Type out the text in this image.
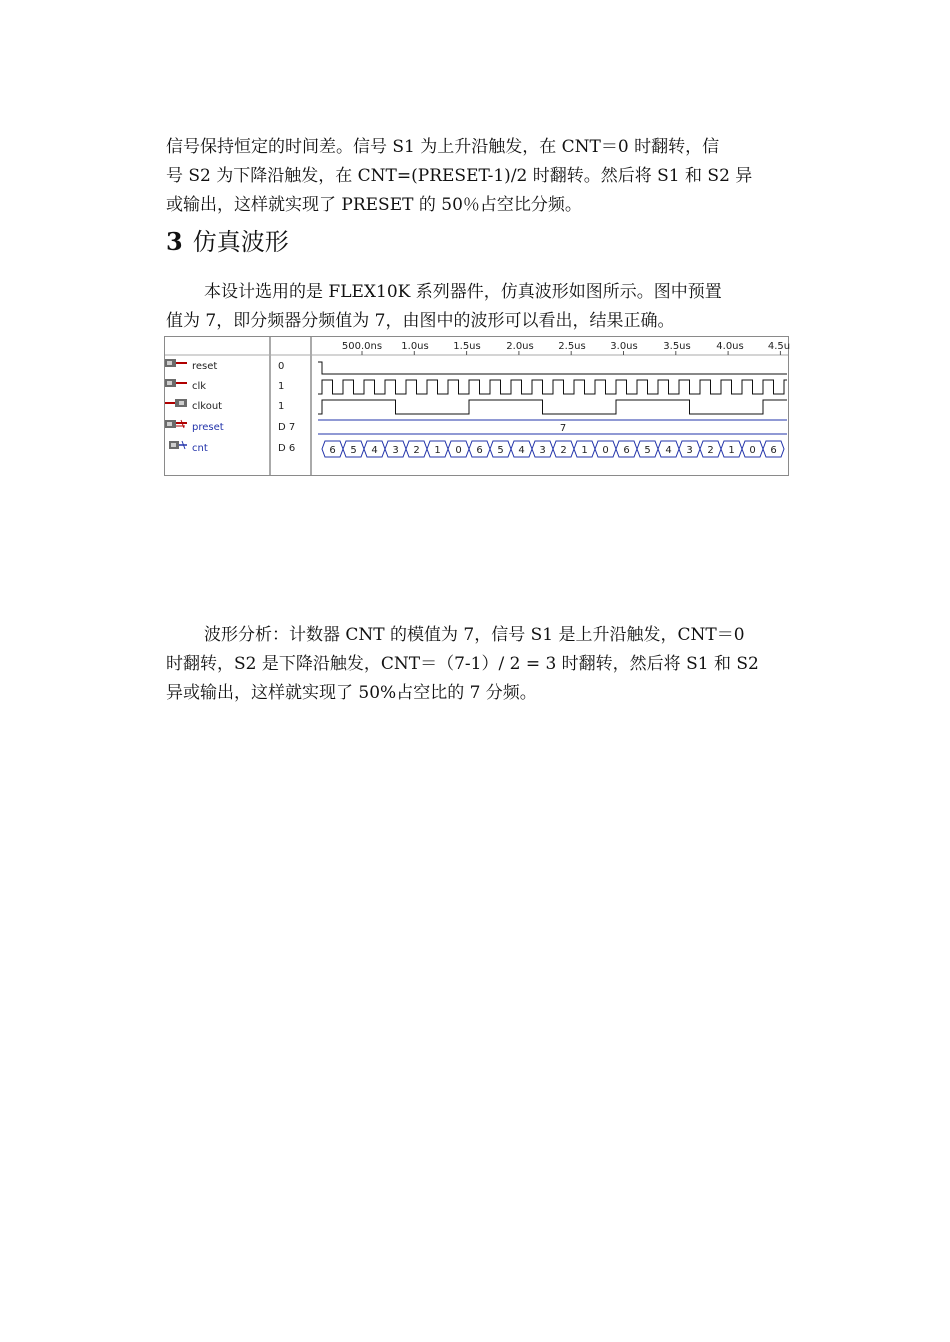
信号保持恒定的时间差。信号 S1 为上升沿触发，在 CNT＝0 时翻转，信
号 S2 为下降沿触发，在 CNT=(PRESET-1)/2 时翻转。然后将 S1 和 S2 异
或输出，这样就实现了 PRESET 的 50％占空比分频。
3 仿真波形
本设计选用的是 FLEX10K 系列器件，仿真波形如图所示。图中预置
值为 7，即分频器分频值为 7，由图中的波形可以看出，结果正确。
7
6 5 4 3 2 1 0 6 5 4 3 2 1 0 6 5 4 3 2 1 0 6
reset	0
clk	1
clkout	1
preset	D 7
cnt	D 6
500.0ns 1.0us 1.5us	2.0us 2.5us 3.0us	3.5us	4.0us 4.5u
波形分析：计数器 CNT 的模值为 7，信号 S1 是上升沿触发，CNT＝0
时翻转，S2 是下降沿触发，CNT＝（7-1）/ 2 = 3 时翻转，然后将 S1 和 S2
异或输出，这样就实现了 50%占空比的 7 分频。
